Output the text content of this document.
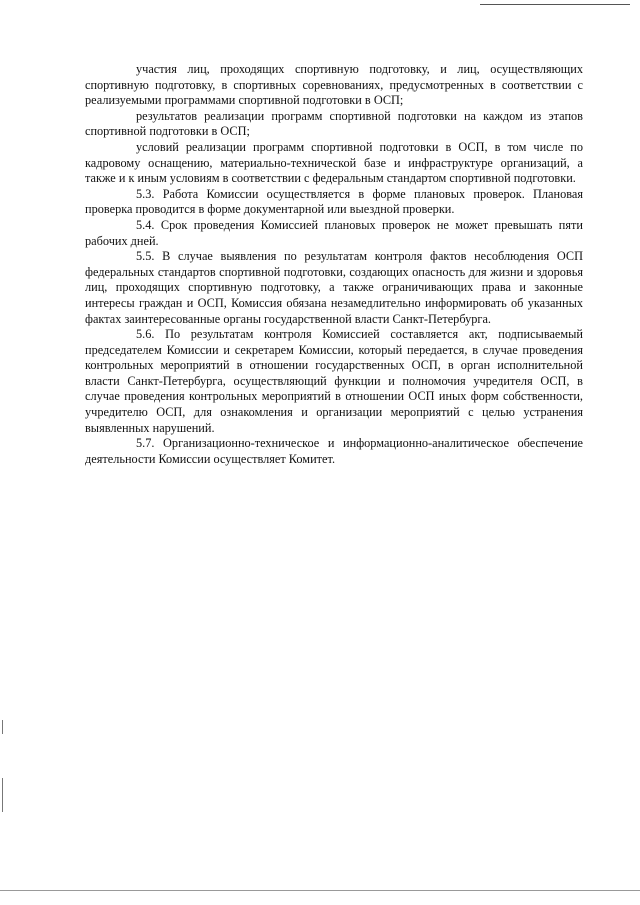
участия лиц, проходящих спортивную подготовку, и лиц, осуществляющих спортивную подготовку, в спортивных соревнованиях, предусмотренных в соответствии с реализуемыми программами спортивной подготовки в ОСП;

результатов реализации программ спортивной подготовки на каждом из этапов спортивной подготовки в ОСП;

условий реализации программ спортивной подготовки в ОСП, в том числе по кадровому оснащению, материально-технической базе и инфраструктуре организаций, а также и к иным условиям в соответствии с федеральным стандартом спортивной подготовки.

5.3. Работа Комиссии осуществляется в форме плановых проверок. Плановая проверка проводится в форме документарной или выездной проверки.

5.4. Срок проведения Комиссией плановых проверок не может превышать пяти рабочих дней.

5.5. В случае выявления по результатам контроля фактов несоблюдения ОСП федеральных стандартов спортивной подготовки, создающих опасность для жизни и здоровья лиц, проходящих спортивную подготовку, а также ограничивающих права и законные интересы граждан и ОСП, Комиссия обязана незамедлительно информировать об указанных фактах заинтересованные органы государственной власти Санкт-Петербурга.

5.6. По результатам контроля Комиссией составляется акт, подписываемый председателем Комиссии и секретарем Комиссии, который передается, в случае проведения контрольных мероприятий в отношении государственных ОСП, в орган исполнительной власти Санкт-Петербурга, осуществляющий функции и полномочия учредителя ОСП, в случае проведения контрольных мероприятий в отношении ОСП иных форм собственности, учредителю ОСП, для ознакомления и организации мероприятий с целью устранения выявленных нарушений.

5.7. Организационно-техническое и информационно-аналитическое обеспечение деятельности Комиссии осуществляет Комитет.
